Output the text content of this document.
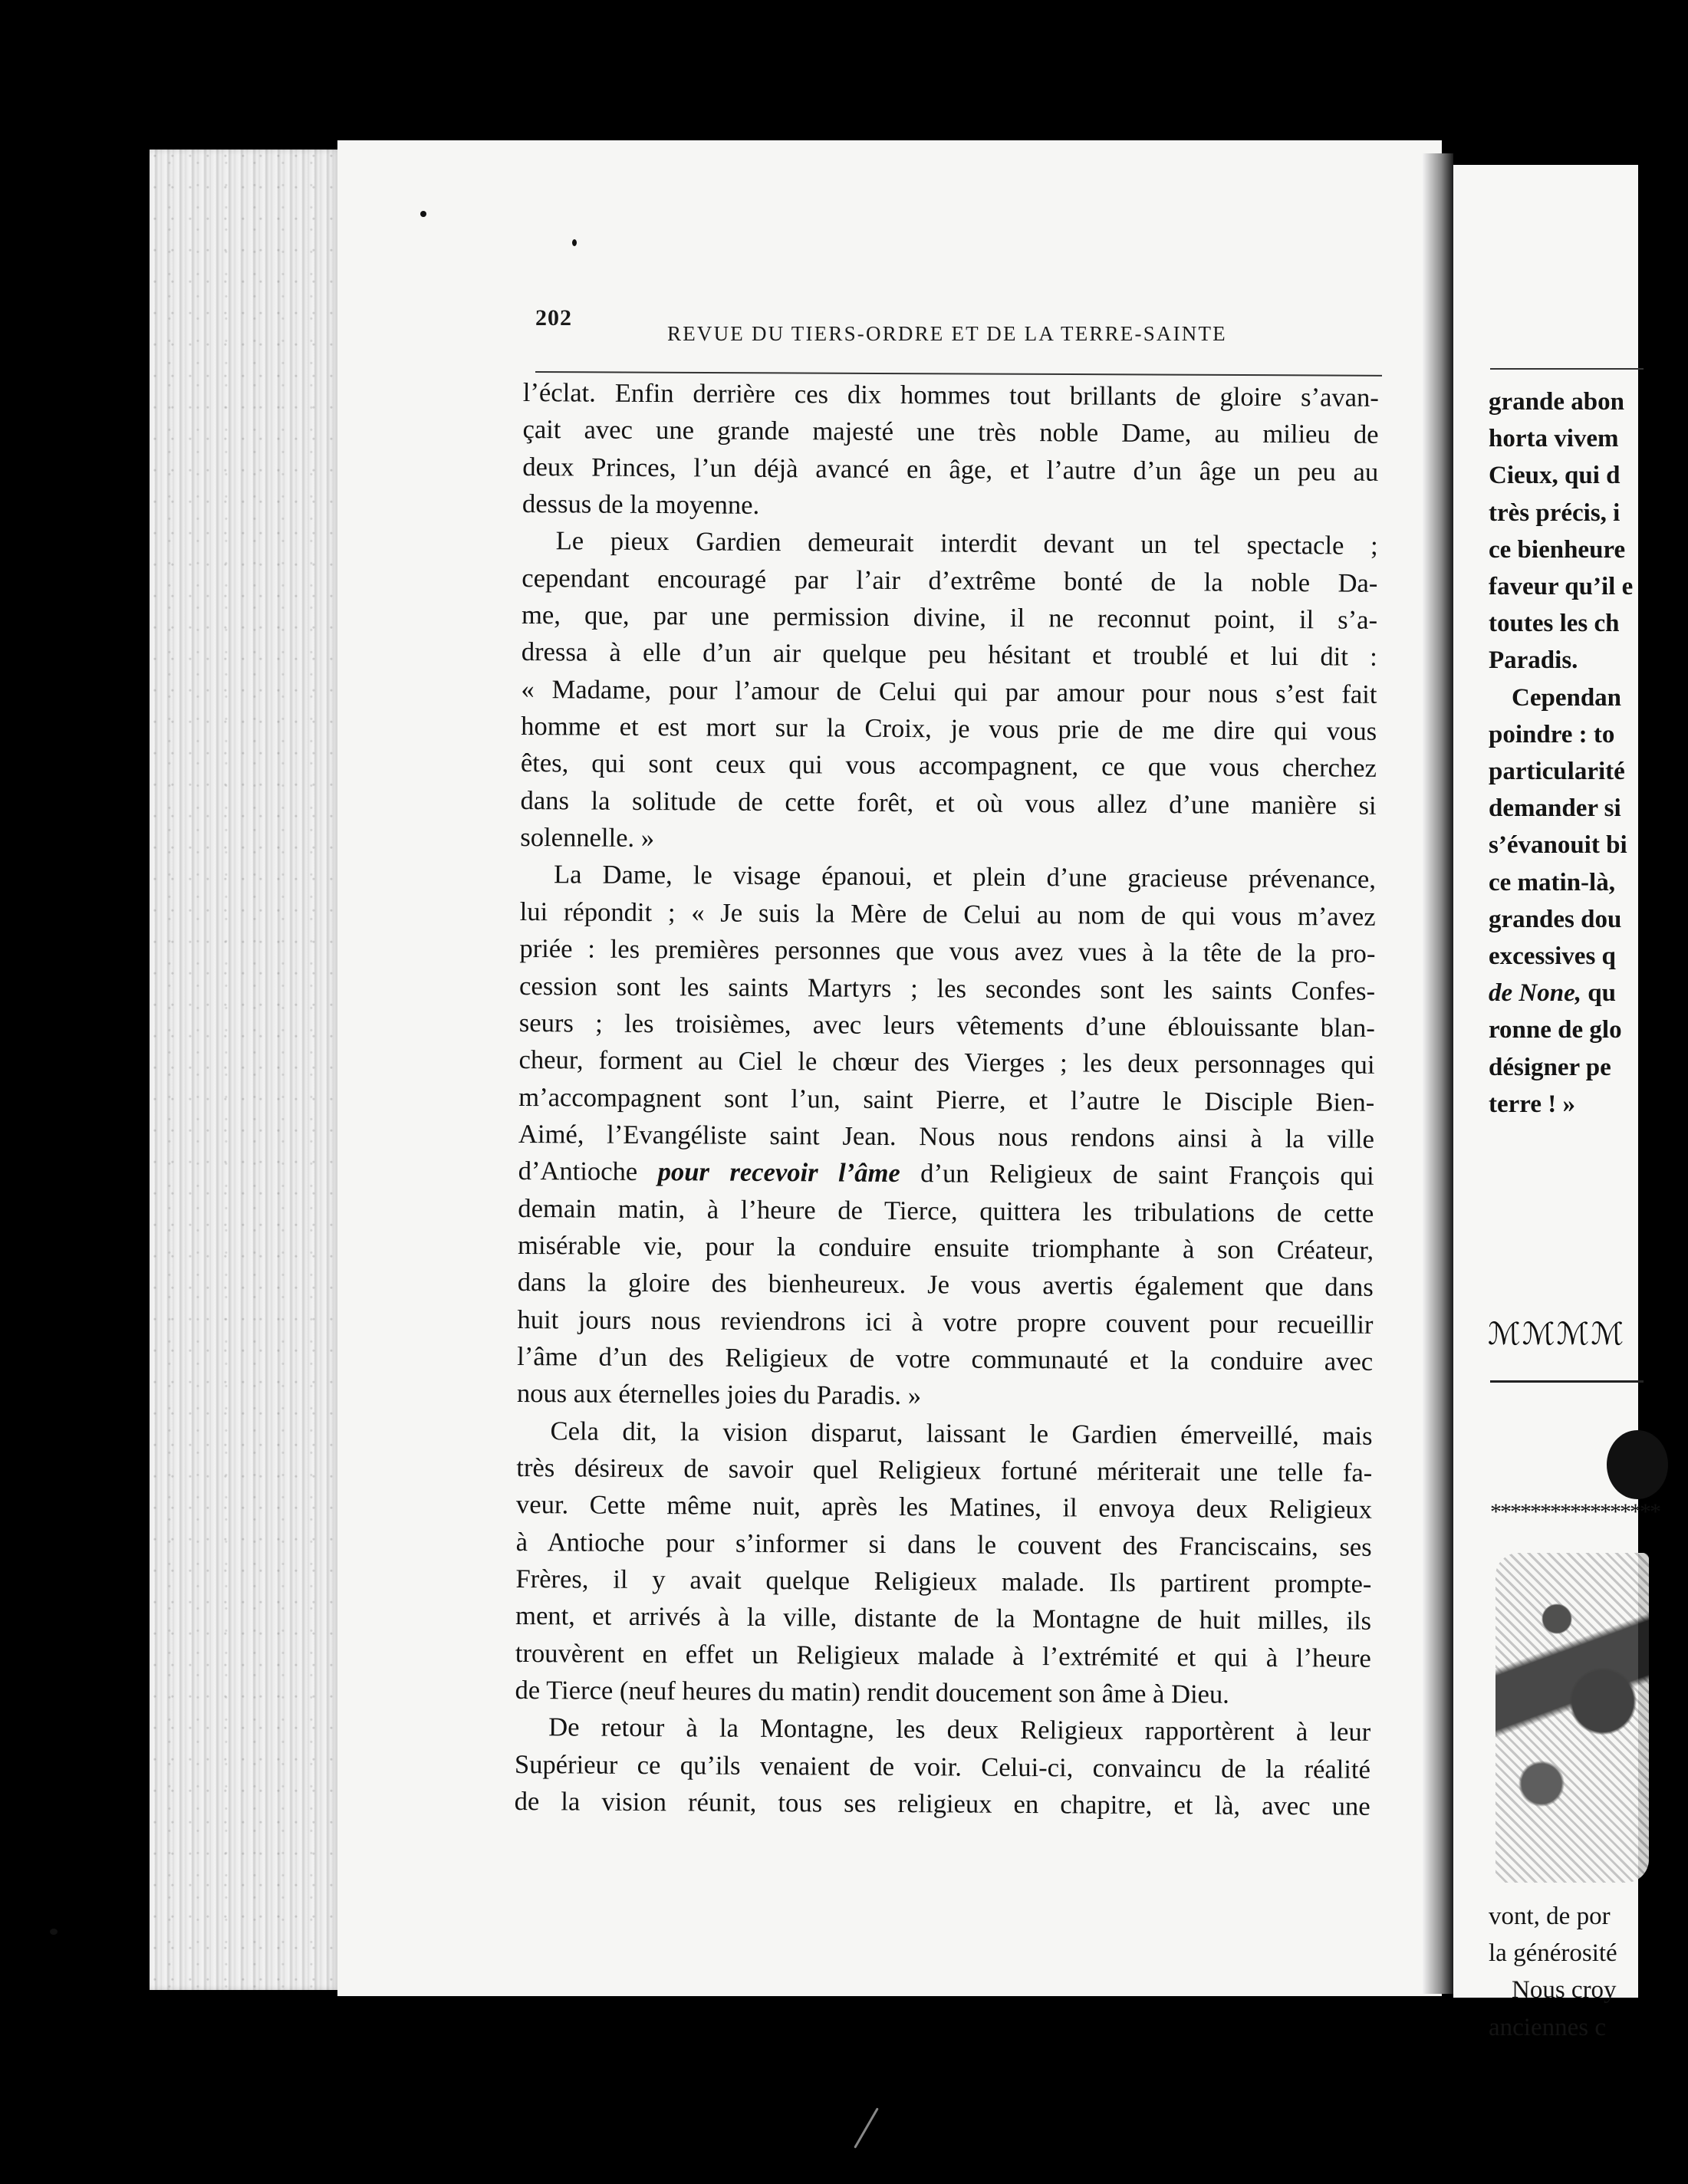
grande abon
horta vivem
Cieux, qui d
très précis, i
ce bienheure
faveur qu’il e
toutes les ch
Paradis.
Cependan
poindre : to
particularité
demander si
s’évanouit bi
ce matin-là,
grandes dou
excessives q
de None, qu
ronne de glo
désigner pe
terre ! »
ℳℳℳℳ
*****************
vont, de por
la générosité
Nous croy
anciennes c
202
REVUE DU TIERS-ORDRE ET DE LA TERRE-SAINTE

l’éclat. Enfin derrière ces dix hommes tout brillants de gloire s’avan-
çait avec une grande majesté une très noble Dame, au milieu de
deux Princes, l’un déjà avancé en âge, et l’autre d’un âge un peu au
dessus de la moyenne.

Le pieux Gardien demeurait interdit devant un tel spectacle ;
cependant encouragé par l’air d’extrême bonté de la noble Da-
me, que, par une permission divine, il ne reconnut point, il s’a-
dressa à elle d’un air quelque peu hésitant et troublé et lui dit :
« Madame, pour l’amour de Celui qui par amour pour nous s’est fait
homme et est mort sur la Croix, je vous prie de me dire qui vous
êtes, qui sont ceux qui vous accompagnent, ce que vous cherchez
dans la solitude de cette forêt, et où vous allez d’une manière si
solennelle. »

La Dame, le visage épanoui, et plein d’une gracieuse prévenance,
lui répondit ; « Je suis la Mère de Celui au nom de qui vous m’avez
priée : les premières personnes que vous avez vues à la tête de la pro-
cession sont les saints Martyrs ; les secondes sont les saints Confes-
seurs ; les troisièmes, avec leurs vêtements d’une éblouissante blan-
cheur, forment au Ciel le chœur des Vierges ; les deux personnages qui
m’accompagnent sont l’un, saint Pierre, et l’autre le Disciple Bien-
Aimé, l’Evangéliste saint Jean. Nous nous rendons ainsi à la ville
d’Antioche pour recevoir l’âme d’un Religieux de saint François qui
demain matin, à l’heure de Tierce, quittera les tribulations de cette
misérable vie, pour la conduire ensuite triomphante à son Créateur,
dans la gloire des bienheureux. Je vous avertis également que dans
huit jours nous reviendrons ici à votre propre couvent pour recueillir
l’âme d’un des Religieux de votre communauté et la conduire avec
nous aux éternelles joies du Paradis. »

Cela dit, la vision disparut, laissant le Gardien émerveillé, mais
très désireux de savoir quel Religieux fortuné mériterait une telle fa-
veur. Cette même nuit, après les Matines, il envoya deux Religieux
à Antioche pour s’informer si dans le couvent des Franciscains, ses
Frères, il y avait quelque Religieux malade. Ils partirent prompte-
ment, et arrivés à la ville, distante de la Montagne de huit milles, ils
trouvèrent en effet un Religieux malade à l’extrémité et qui à l’heure
de Tierce (neuf heures du matin) rendit doucement son âme à Dieu.

De retour à la Montagne, les deux Religieux rapportèrent à leur
Supérieur ce qu’ils venaient de voir. Celui-ci, convaincu de la réalité
de la vision réunit, tous ses religieux en chapitre, et là, avec une
